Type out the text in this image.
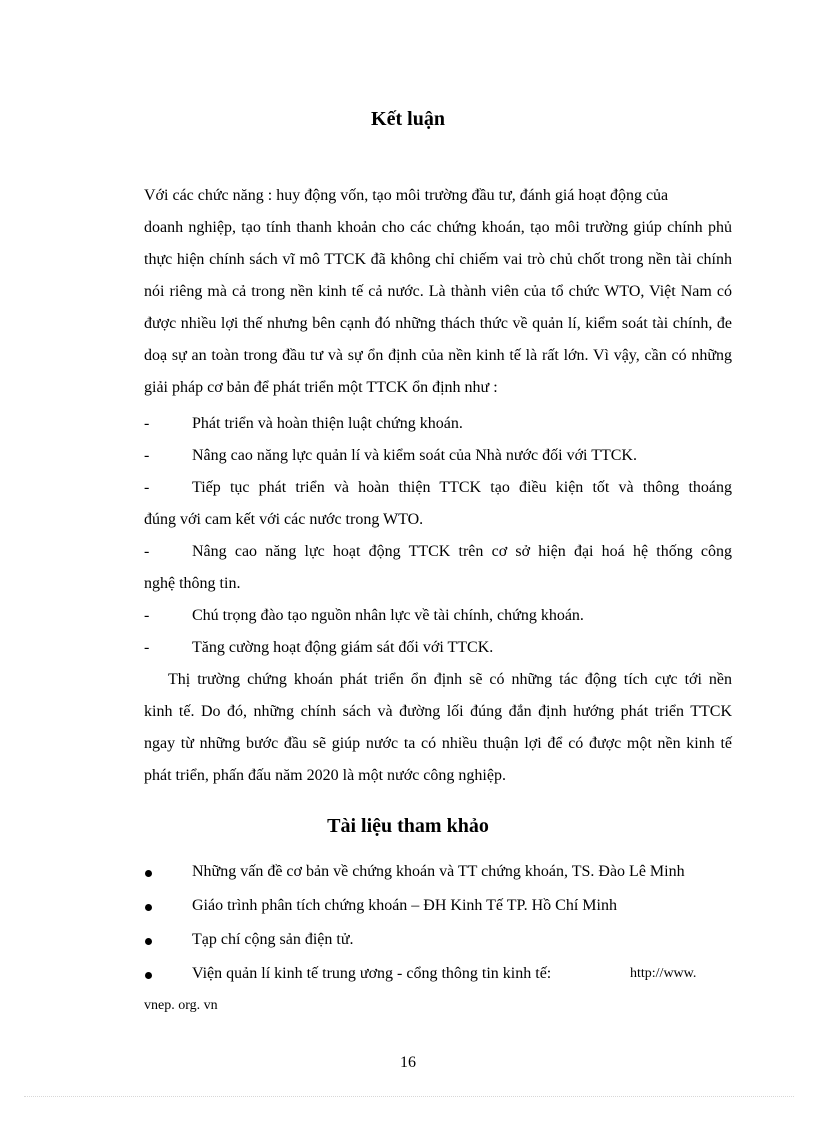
Kết luận
Với các chức năng : huy động vốn, tạo môi trường đầu tư, đánh giá hoạt động của
doanh nghiệp, tạo tính thanh khoản cho các chứng khoán, tạo môi trường giúp chính phủ
thực hiện chính sách vĩ mô TTCK đã không chỉ chiếm vai trò chủ chốt trong nền tài chính
nói riêng mà cả trong nền kinh tế cả nước. Là thành viên của tổ chức WTO, Việt Nam có
được nhiều lợi thế nhưng bên cạnh đó những thách thức về quản lí, kiểm soát tài chính, đe
doạ sự an toàn trong đầu tư và sự ổn định của nền kinh tế là rất lớn. Vì vậy, cần có những
giải pháp cơ bản để phát triển một TTCK ổn định như :
-	Phát triển và hoàn thiện luật chứng khoán.
-	Nâng cao năng lực quản lí và kiểm soát của Nhà nước đối với TTCK.
-	Tiếp tục phát triển và hoàn thiện TTCK tạo điều kiện tốt và thông thoáng
đúng với cam kết với các nước trong WTO.
-	Nâng cao năng lực hoạt động TTCK trên cơ sở hiện đại hoá hệ thống công
nghệ thông tin.
-	Chú trọng đào tạo nguồn nhân lực về tài chính, chứng khoán.
-	Tăng cường hoạt động giám sát đối với TTCK.
Thị trường chứng khoán phát triển ổn định sẽ có những tác động tích cực tới nền
kinh tế. Do đó, những chính sách và đường lối đúng đắn định hướng phát triển TTCK
ngay từ những bước đầu sẽ giúp nước ta có nhiều thuận lợi để có được một nền kinh tế
phát triển, phấn đấu năm 2020 là một nước công nghiệp.
Tài liệu tham khảo
Những vấn đề cơ bản về chứng khoán và TT chứng khoán, TS. Đào Lê Minh
Giáo trình phân tích chứng khoán – ĐH Kinh Tế TP. Hồ Chí Minh
Tạp chí cộng sản điện tử.
Viện quản lí kinh tế trung ương - cổng thông tin kinh tế:	http://www.
vnep. org. vn
16
